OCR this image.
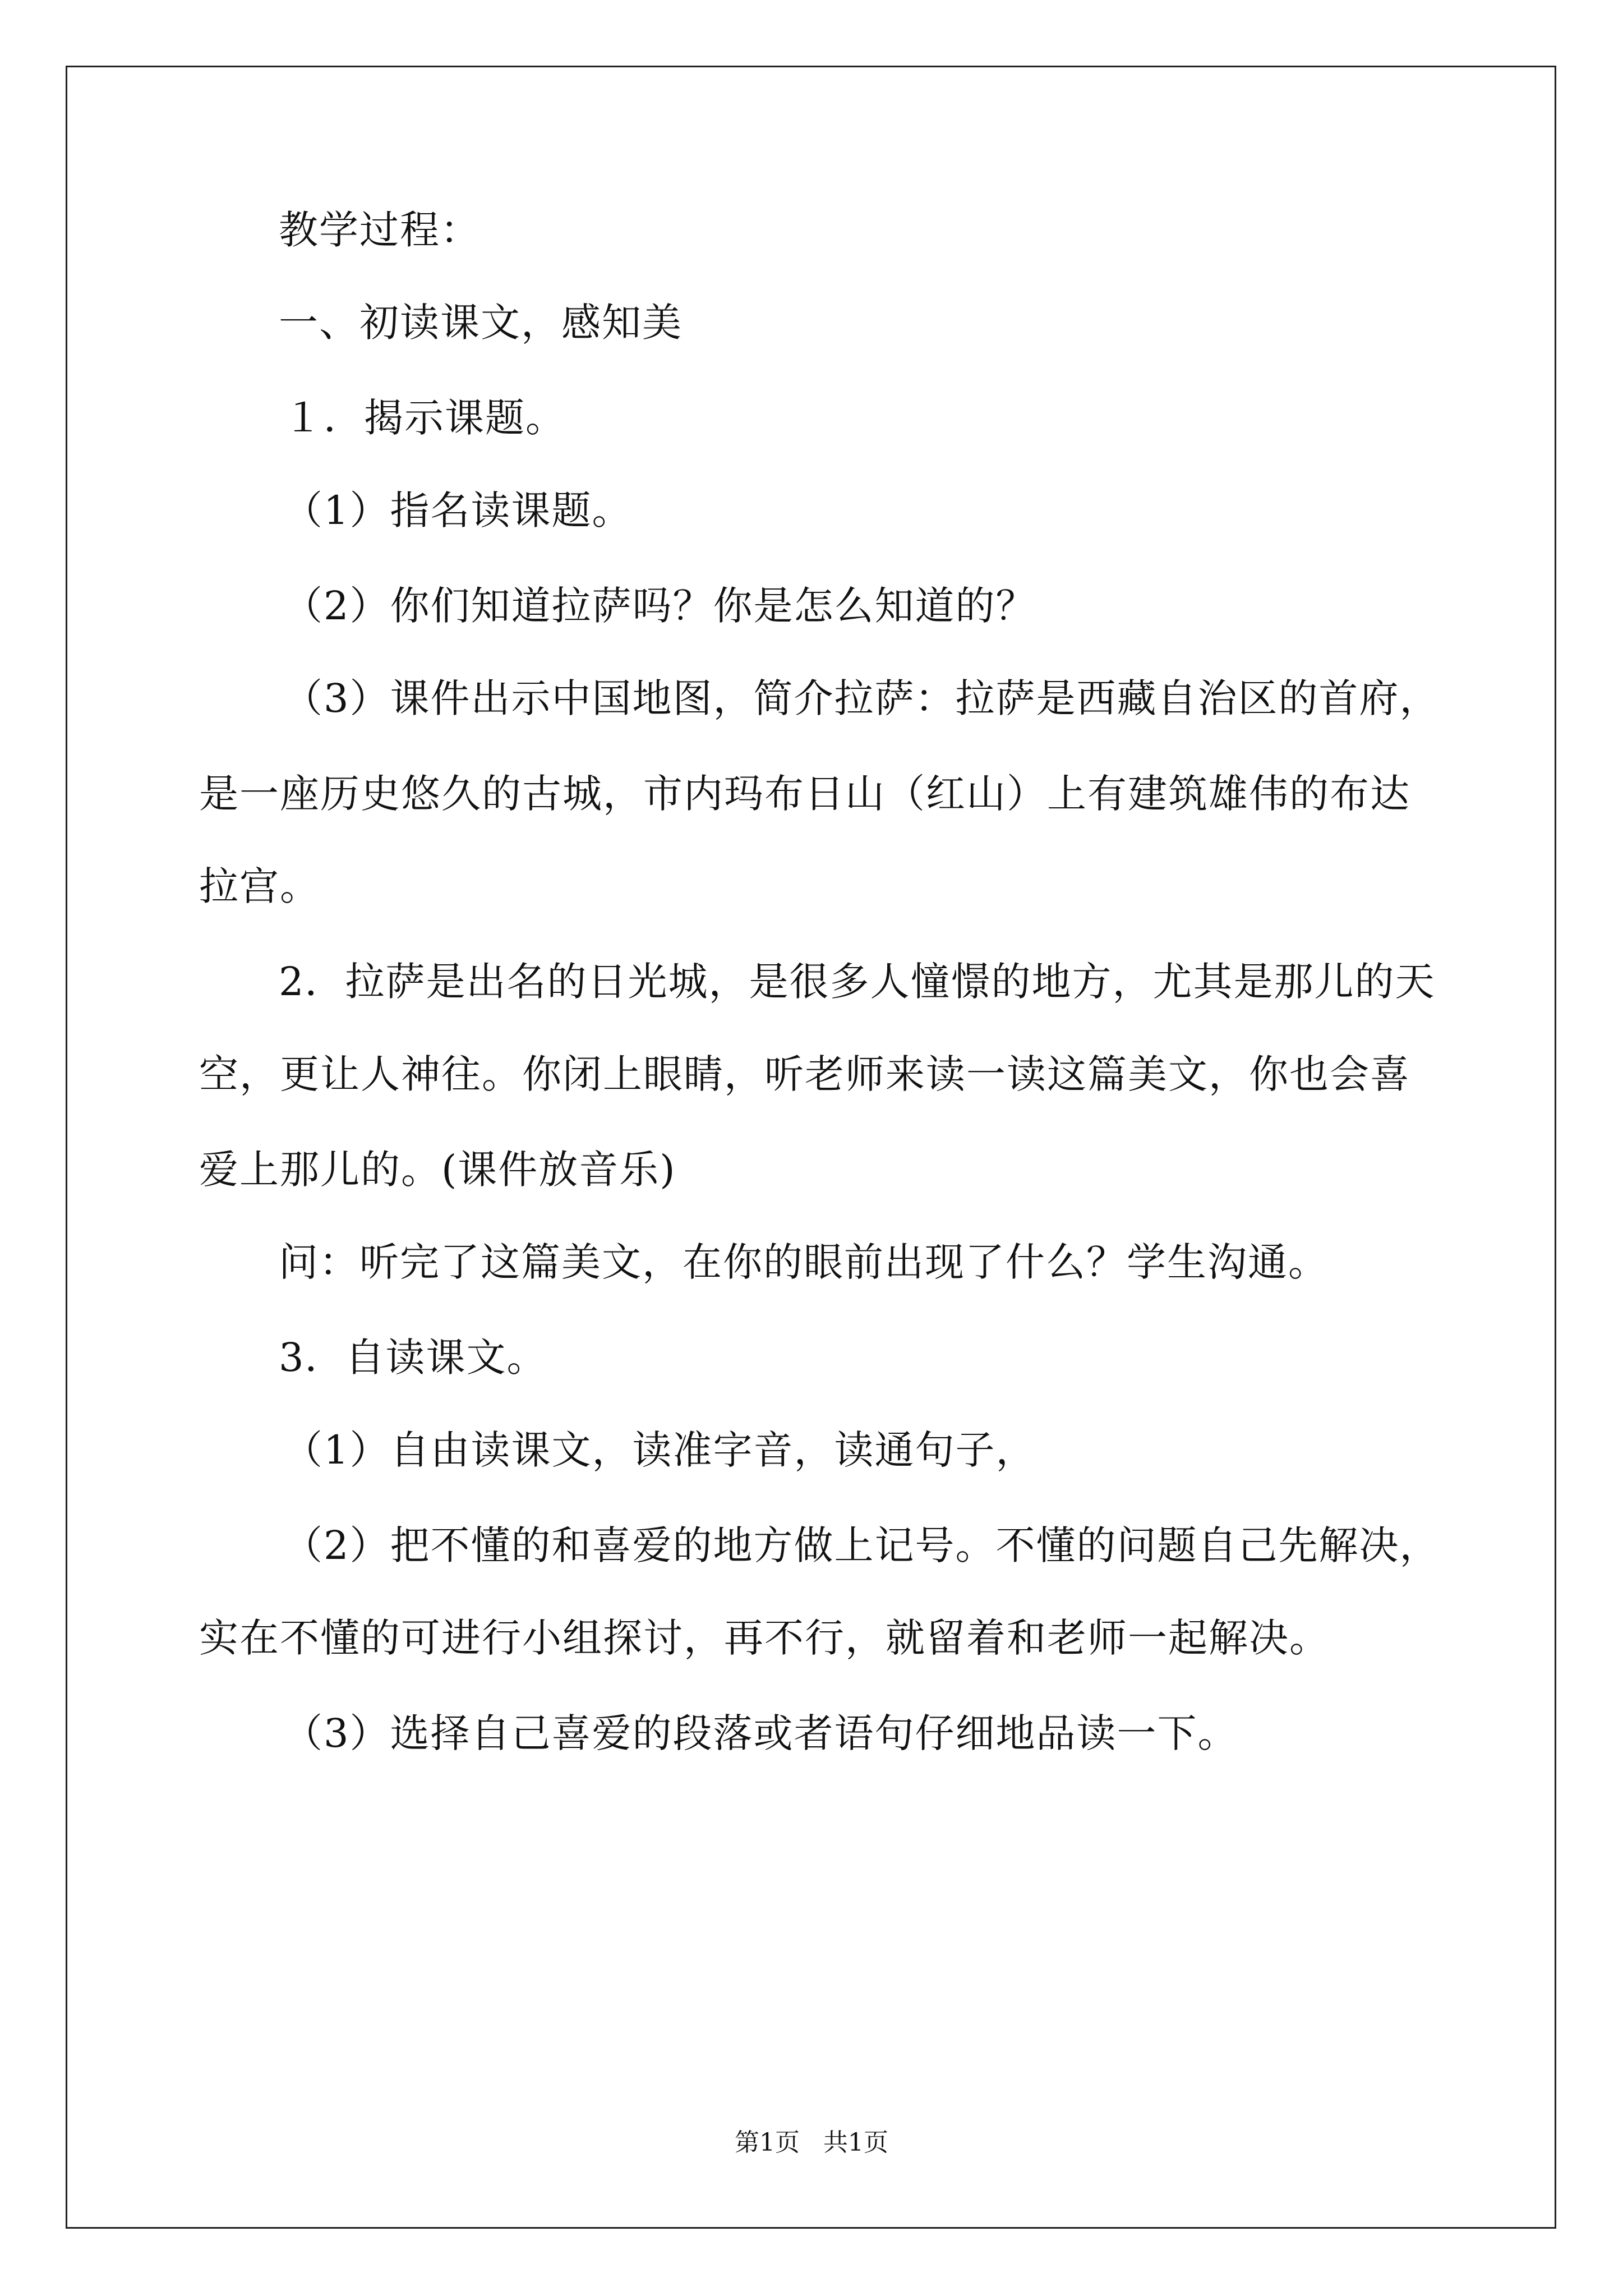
教学过程：
一、初读课文，感知美
１．揭示课题。
（1）指名读课题。
（2）你们知道拉萨吗？你是怎么知道的？
（3）课件出示中国地图，简介拉萨：拉萨是西藏自治区的首府，
是一座历史悠久的古城，市内玛布日山（红山）上有建筑雄伟的布达
拉宫。
2．拉萨是出名的日光城，是很多人憧憬的地方，尤其是那儿的天
空，更让人神往。你闭上眼睛，听老师来读一读这篇美文，你也会喜
爱上那儿的。(课件放音乐)
问：听完了这篇美文，在你的眼前出现了什么？学生沟通。
3．自读课文。
（1）自由读课文，读准字音，读通句子，
（2）把不懂的和喜爱的地方做上记号。不懂的问题自己先解决，
实在不懂的可进行小组探讨，再不行，就留着和老师一起解决。
（3）选择自己喜爱的段落或者语句仔细地品读一下。
第1页   共1页
